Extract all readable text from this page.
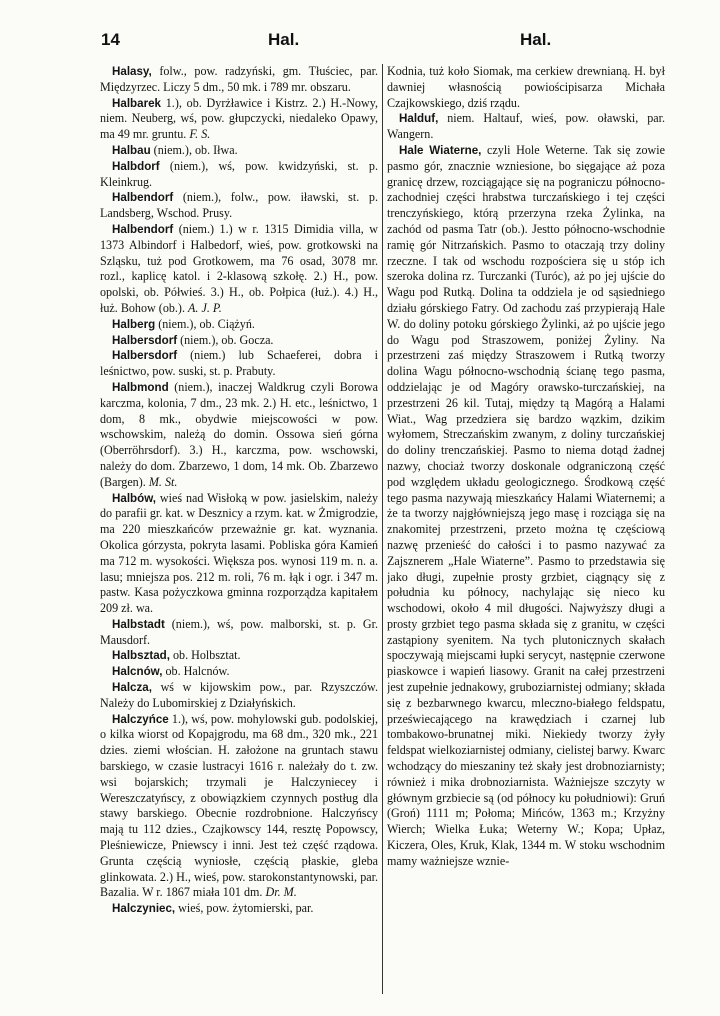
14	Hal.	Hal.

Halasy, folw., pow. radzyński, gm. Tłuściec, par. Międzyrzec. Liczy 5 dm., 50 mk. i 789 mr. obszaru.

Halbarek 1.), ob. Dyrżławice i Kistrz. 2.) H.-Nowy, niem. Neuberg, wś, pow. głupczycki, niedaleko Opawy, ma 49 mr. gruntu. F. S.

Halbau (niem.), ob. Iłwa.

Halbdorf (niem.), wś, pow. kwidzyński, st. p. Kleinkrug.

Halbendorf (niem.), folw., pow. iławski, st. p. Landsberg, Wschod. Prusy.

Halbendorf (niem.) 1.) w r. 1315 Dimidia villa, w 1373 Albindorf i Halbedorf, wieś, pow. grotkowski na Szląsku, tuż pod Grotkowem, ma 76 osad, 3078 mr. rozl., kaplicę katol. i 2-klasową szkołę. 2.) H., pow. opolski, ob. Półwieś. 3.) H., ob. Połpica (łuż.). 4.) H., łuż. Bohow (ob.). A. J. P.

Halberg (niem.), ob. Ciążyń.

Halbersdorf (niem.), ob. Gocza.

Halbersdorf (niem.) lub Schaeferei, dobra i leśnictwo, pow. suski, st. p. Prabuty.

Halbmond (niem.), inaczej Waldkrug czyli Borowa karczma, kolonia, 7 dm., 23 mk. 2.) H. etc., leśnictwo, 1 dom, 8 mk., obydwie miejscowości w pow. wschowskim, należą do domin. Ossowa sień górna (Oberröhrsdorf). 3.) H., karczma, pow. wschowski, należy do dom. Zbarzewo, 1 dom, 14 mk. Ob. Zbarzewo (Bargen). M. St.

Halbów, wieś nad Wisłoką w pow. jasielskim, należy do parafii gr. kat. w Desznicy a rzym. kat. w Żmigrodzie, ma 220 mieszkańców przeważnie gr. kat. wyznania. Okolica górzysta, pokryta lasami. Pobliska góra Kamień ma 712 m. wysokości. Większa pos. wynosi 119 m. n. a. lasu; mniejsza pos. 212 m. roli, 76 m. łąk i ogr. i 347 m. pastw. Kasa pożyczkowa gminna rozporządza kapitałem 209 zł. wa.

Halbstadt (niem.), wś, pow. malborski, st. p. Gr. Mausdorf.

Halbsztad, ob. Holbsztat.

Halcnów, ob. Halcnów.

Halcza, wś w kijowskim pow., par. Rzyszczów. Należy do Lubomirskiej z Działyńskich.

Halczyńce 1.), wś, pow. mohylowski gub. podolskiej, o kilka wiorst od Kopajgrodu, ma 68 dm., 320 mk., 221 dzies. ziemi włościan. H. założone na gruntach stawu barskiego, w czasie lustracyi 1616 r. należały do t. zw. wsi bojarskich; trzymali je Halczyniecey i Wereszczatyńscy, z obowiązkiem czynnych postług dla stawy barskiego. Obecnie rozdrobnione. Halczyńscy mają tu 112 dzies., Czajkowscy 144, resztę Popowscy, Pleśniewicze, Pniewscy i inni. Jest też część rządowa. Grunta częścią wyniosłe, częścią płaskie, gleba glinkowata. 2.) H., wieś, pow. starokonstantynowski, par. Bazalia. W r. 1867 miała 101 dm. Dr. M.

Halczyniec, wieś, pow. żytomierski, par.

Kodnia, tuż koło Siomak, ma cerkiew drewnianą. H. był dawniej własnością powiościpisarza Michała Czajkowskiego, dziś rządu.

Halduf, niem. Haltauf, wieś, pow. oławski, par. Wangern.

Hale Wiaterne, czyli Hole Weterne. Tak się zowie pasmo gór, znacznie wzniesione, bo sięgające aż poza granicę drzew, rozciągające się na pograniczu północno-zachodniej części hrabstwa turczańskiego i tej części trenczyńskiego, którą przerzyna rzeka Żylinka, na zachód od pasma Tatr (ob.). Jestto północno-wschodnie ramię gór Nitrzańskich. Pasmo to otaczają trzy doliny rzeczne. I tak od wschodu rozpościera się u stóp ich szeroka dolina rz. Turczanki (Turóc), aż po jej ujście do Wagu pod Rutką. Dolina ta oddziela je od sąsiedniego działu górskiego Fatry. Od zachodu zaś przypierają Hale W. do doliny potoku górskiego Żylinki, aż po ujście jego do Wagu pod Straszowem, poniżej Żyliny. Na przestrzeni zaś między Straszowem i Rutką tworzy dolina Wagu północno-wschodnią ścianę tego pasma, oddzielając je od Magóry orawsko-turczańskiej, na przestrzeni 26 kil. Tutaj, między tą Magórą a Halami Wiat., Wag przedziera się bardzo wązkim, dzikim wyłomem, Streczańskim zwanym, z doliny turczańskiej do doliny trenczańskiej. Pasmo to niema dotąd żadnej nazwy, chociaż tworzy doskonale odgraniczoną część pod względem układu geologicznego. Środkową część tego pasma nazywają mieszkańcy Halami Wiaternemi; a że ta tworzy najgłówniejszą jego masę i rozciąga się na znakomitej przestrzeni, przeto można tę częściową nazwę przenieść do całości i to pasmo nazywać za Zajsznerem „Hale Wiaterne”. Pasmo to przedstawia się jako długi, zupełnie prosty grzbiet, ciągnący się z południa ku północy, nachylając się nieco ku wschodowi, około 4 mil długości. Najwyższy długi a prosty grzbiet tego pasma składa się z granitu, w części zastąpiony syenitem. Na tych plutonicznych skałach spoczywają miejscami łupki serycyt, następnie czerwone piaskowce i wapień liasowy. Granit na całej przestrzeni jest zupełnie jednakowy, gruboziarnistej odmiany; składa się z bezbarwnego kwarcu, mleczno-białego feldspatu, przeświecającego na krawędziach i czarnej lub tombakowo-brunatnej miki. Niekiedy tworzy żyły feldspat wielkoziarnistej odmiany, cielistej barwy. Kwarc wchodzący do mieszaniny też skały jest drobnoziarnisty; również i mika drobnoziarnista. Ważniejsze szczyty w głównym grzbiecie są (od północy ku południowi): Gruń (Groń) 1111 m; Połoma; Mińców, 1363 m.; Krzyżny Wierch; Wielka Łuka; Weterny W.; Kopa; Upłaz, Kiczera, Oles, Kruk, Klak, 1344 m. W stoku wschodnim mamy ważniejsze wznie-
